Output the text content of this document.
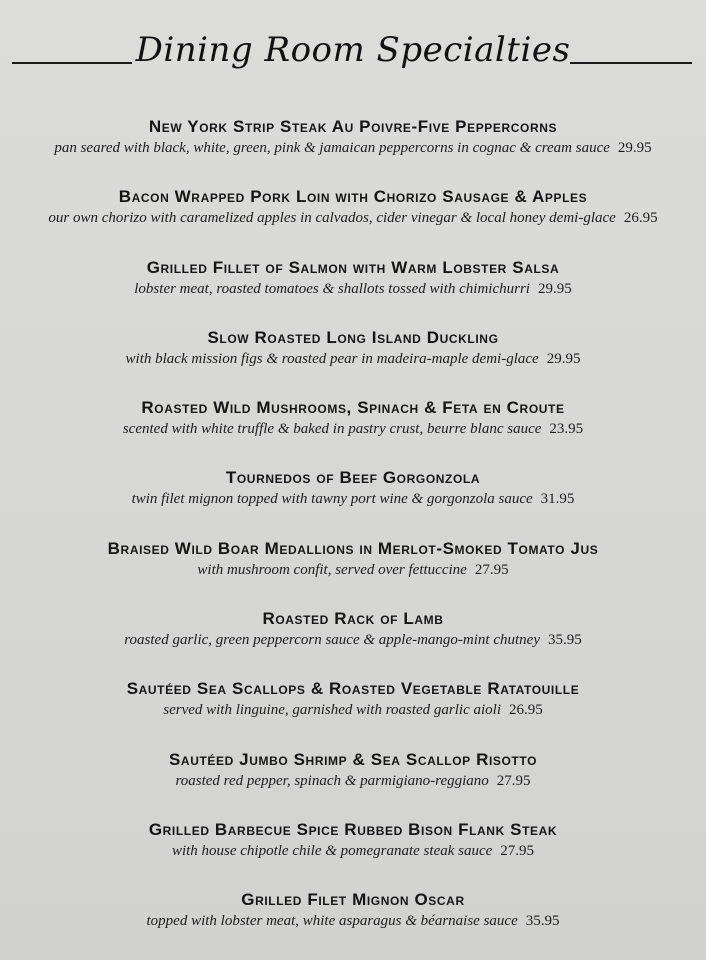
Dining Room Specialties
New York Strip Steak Au Poivre-Five Peppercorns
pan seared with black, white, green, pink & jamaican peppercorns in cognac & cream sauce 29.95
Bacon Wrapped Pork Loin with Chorizo Sausage & Apples
our own chorizo with caramelized apples in calvados, cider vinegar & local honey demi-glace 26.95
Grilled Fillet of Salmon with Warm Lobster Salsa
lobster meat, roasted tomatoes & shallots tossed with chimichurri 29.95
Slow Roasted Long Island Duckling
with black mission figs & roasted pear in madeira-maple demi-glace 29.95
Roasted Wild Mushrooms, Spinach & Feta en Croute
scented with white truffle & baked in pastry crust, beurre blanc sauce 23.95
Tournedos of Beef Gorgonzola
twin filet mignon topped with tawny port wine & gorgonzola sauce 31.95
Braised Wild Boar Medallions in Merlot-Smoked Tomato Jus
with mushroom confit, served over fettuccine 27.95
Roasted Rack of Lamb
roasted garlic, green peppercorn sauce & apple-mango-mint chutney 35.95
Sautéed Sea Scallops & Roasted Vegetable Ratatouille
served with linguine, garnished with roasted garlic aioli 26.95
Sautéed Jumbo Shrimp & Sea Scallop Risotto
roasted red pepper, spinach & parmigiano-reggiano 27.95
Grilled Barbecue Spice Rubbed Bison Flank Steak
with house chipotle chile & pomegranate steak sauce 27.95
Grilled Filet Mignon Oscar
topped with lobster meat, white asparagus & béarnaise sauce 35.95
